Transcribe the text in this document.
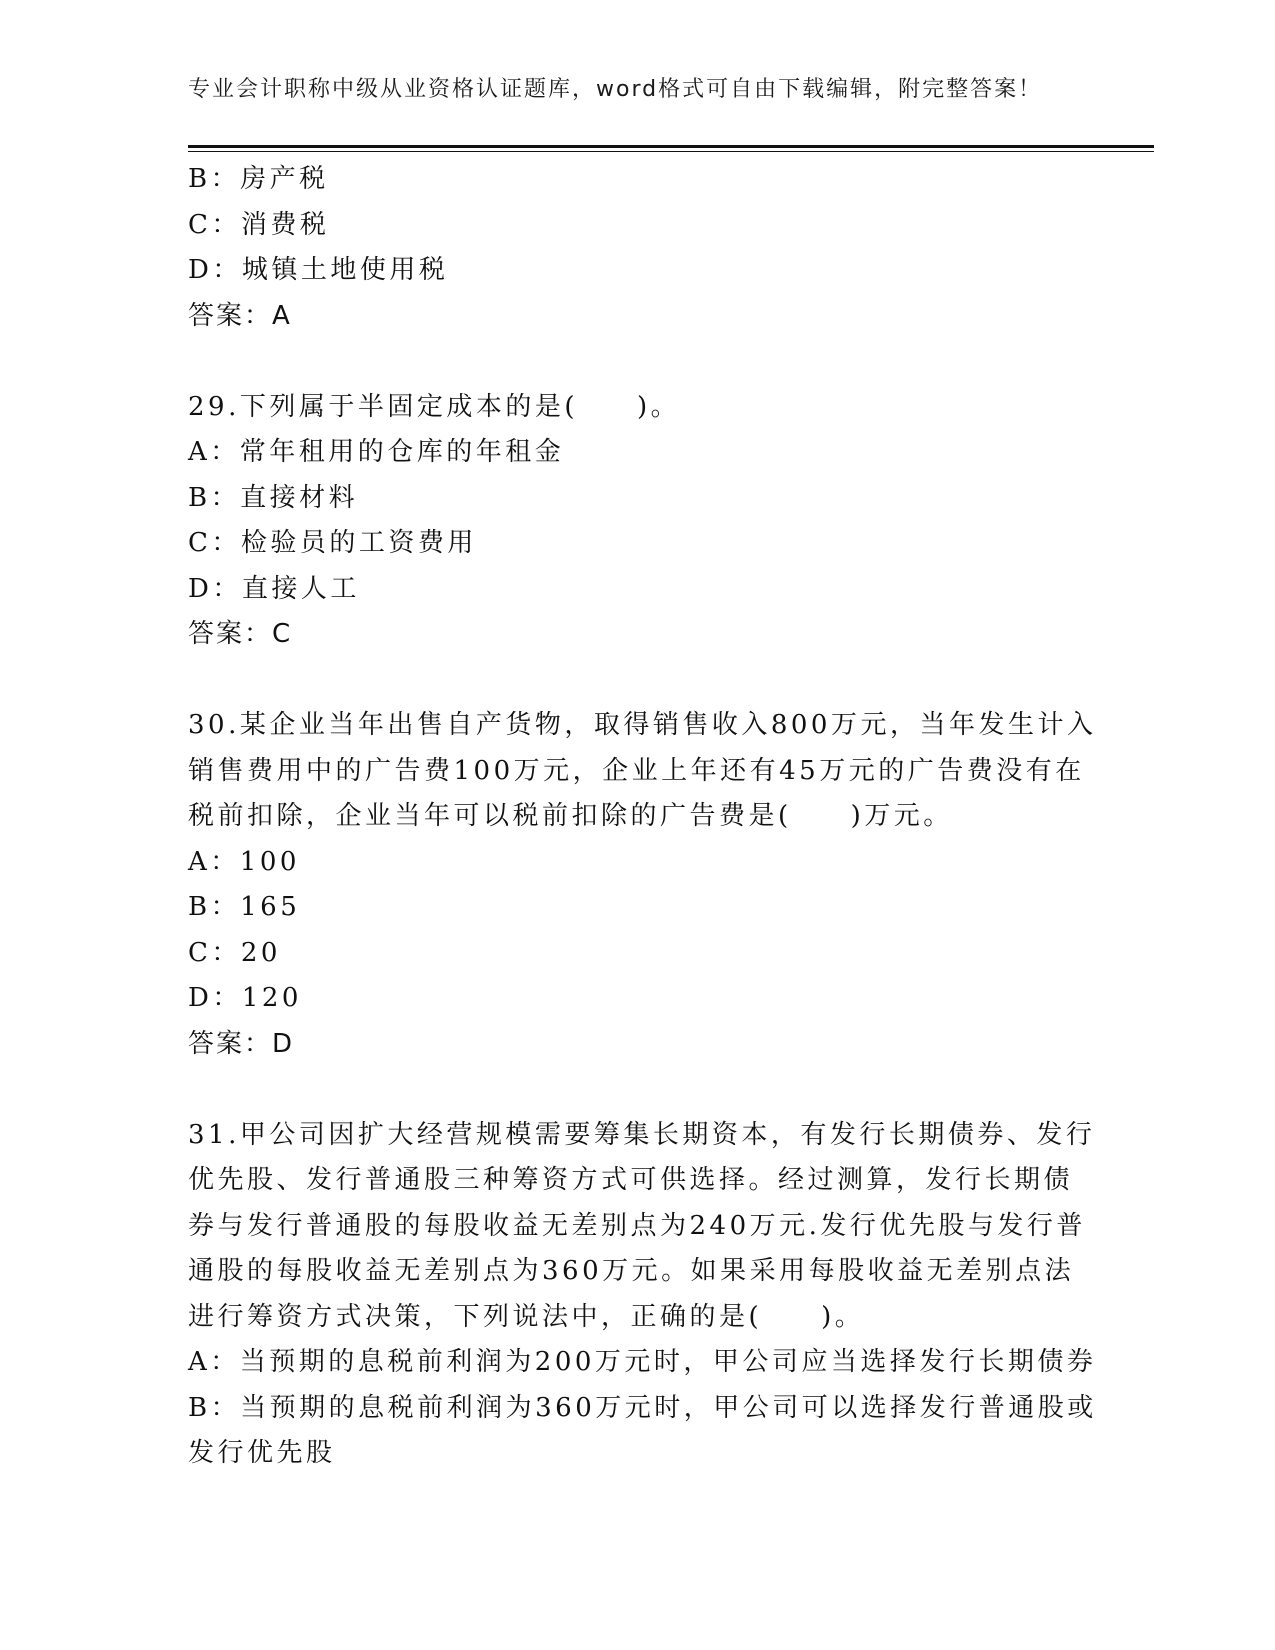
专业会计职称中级从业资格认证题库，word格式可自由下载编辑，附完整答案！
B：房产税
C：消费税
D：城镇土地使用税
答案：A
29.下列属于半固定成本的是(　　)。
A：常年租用的仓库的年租金
B：直接材料
C：检验员的工资费用
D：直接人工
答案：C
30.某企业当年出售自产货物，取得销售收入800万元，当年发生计入
销售费用中的广告费100万元，企业上年还有45万元的广告费没有在
税前扣除，企业当年可以税前扣除的广告费是(　　)万元。
A：100
B：165
C：20
D：120
答案：D
31.甲公司因扩大经营规模需要筹集长期资本，有发行长期债券、发行
优先股、发行普通股三种筹资方式可供选择。经过测算，发行长期债
券与发行普通股的每股收益无差别点为240万元.发行优先股与发行普
通股的每股收益无差别点为360万元。如果采用每股收益无差别点法
进行筹资方式决策，下列说法中，正确的是(　　)。
A：当预期的息税前利润为200万元时，甲公司应当选择发行长期债券
B：当预期的息税前利润为360万元时，甲公司可以选择发行普通股或
发行优先股
